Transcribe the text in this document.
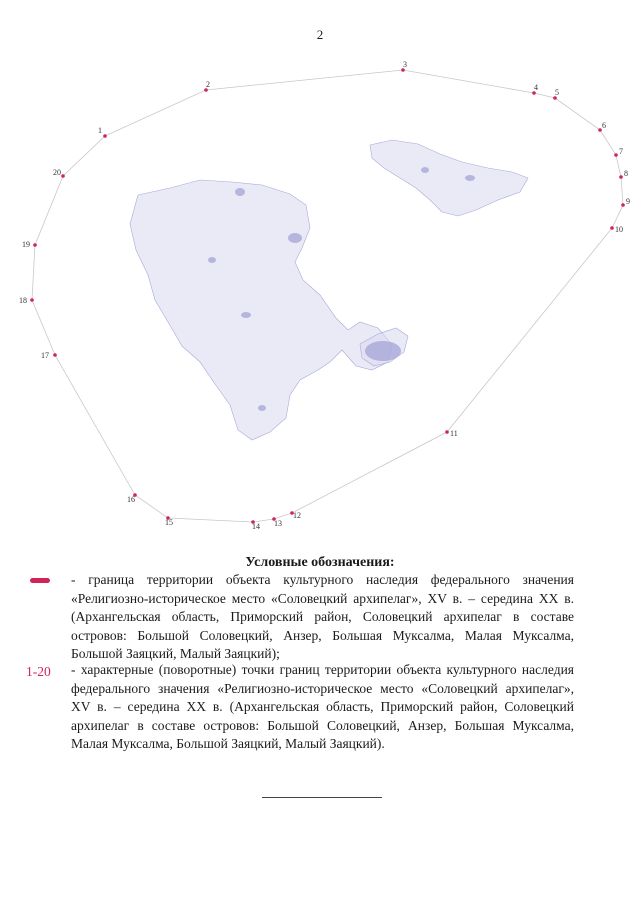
2
1
2
3
4
5
6
7
8
9
10
11
12
13
14
15
16
17
18
19
20
Условные обозначения:
- граница территории объекта культурного наследия федерального значения «Религиозно-историческое место «Соловецкий архипелаг», XV в. – середина XX в. (Архангельская область, Приморский район, Соловецкий архипелаг в составе островов: Большой Соловецкий, Анзер, Большая Муксалма, Малая Муксалма, Большой Заяцкий, Малый Заяцкий);
1-20 - характерные (поворотные) точки границ территории объекта культурного наследия федерального значения «Религиозно-историческое место «Соловецкий архипелаг», XV в. – середина XX в. (Архангельская область, Приморский район, Соловецкий архипелаг в составе островов: Большой Соловецкий, Анзер, Большая Муксалма, Малая Муксалма, Большой Заяцкий, Малый Заяцкий).
